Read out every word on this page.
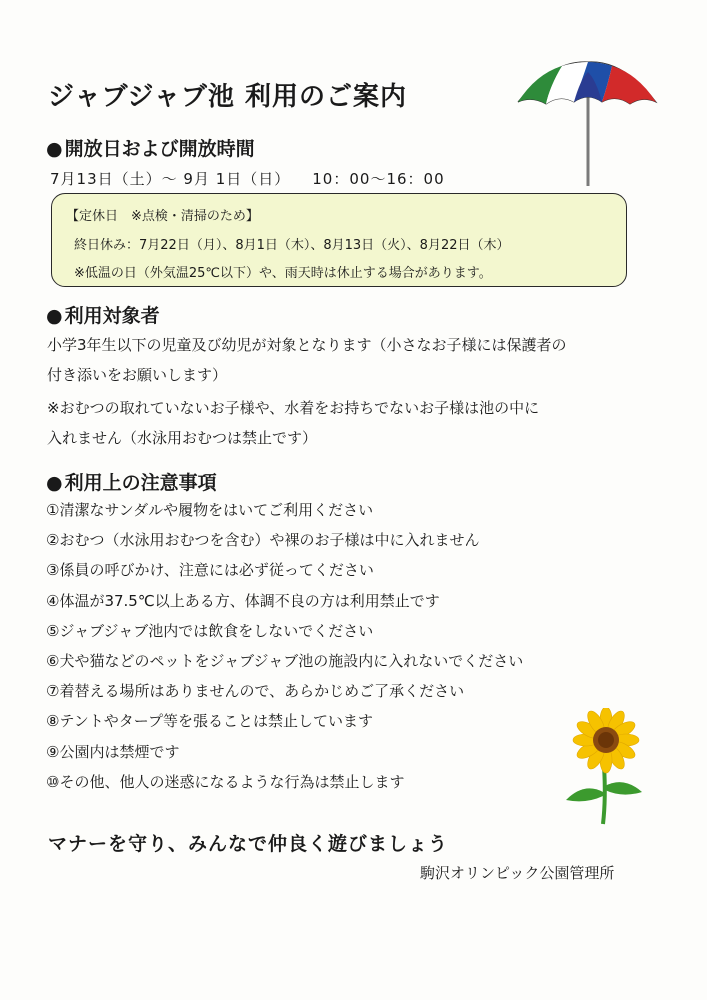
ジャブジャブ池 利用のご案内
● 開放日および開放時間
7月13日（土）～ 9月 1日（日） 10：00～16：00
【定休日　※点検・清掃のため】
終日休み：7月22日（月）、8月1日（木）、8月13日（火）、8月22日（木）
※低温の日（外気温25℃以下）や、雨天時は休止する場合があります。
● 利用対象者
小学3年生以下の児童及び幼児が対象となります（小さなお子様には保護者の
付き添いをお願いします）
※おむつの取れていないお子様や、水着をお持ちでないお子様は池の中に
入れません（水泳用おむつは禁止です）
● 利用上の注意事項
①清潔なサンダルや履物をはいてご利用ください
②おむつ（水泳用おむつを含む）や裸のお子様は中に入れません
③係員の呼びかけ、注意には必ず従ってください
④体温が37.5℃以上ある方、体調不良の方は利用禁止です
⑤ジャブジャブ池内では飲食をしないでください
⑥犬や猫などのペットをジャブジャブ池の施設内に入れないでください
⑦着替える場所はありませんので、あらかじめご了承ください
⑧テントやタープ等を張ることは禁止しています
⑨公園内は禁煙です
⑩その他、他人の迷惑になるような行為は禁止します
マナーを守り、みんなで仲良く遊びましょう
駒沢オリンピック公園管理所
